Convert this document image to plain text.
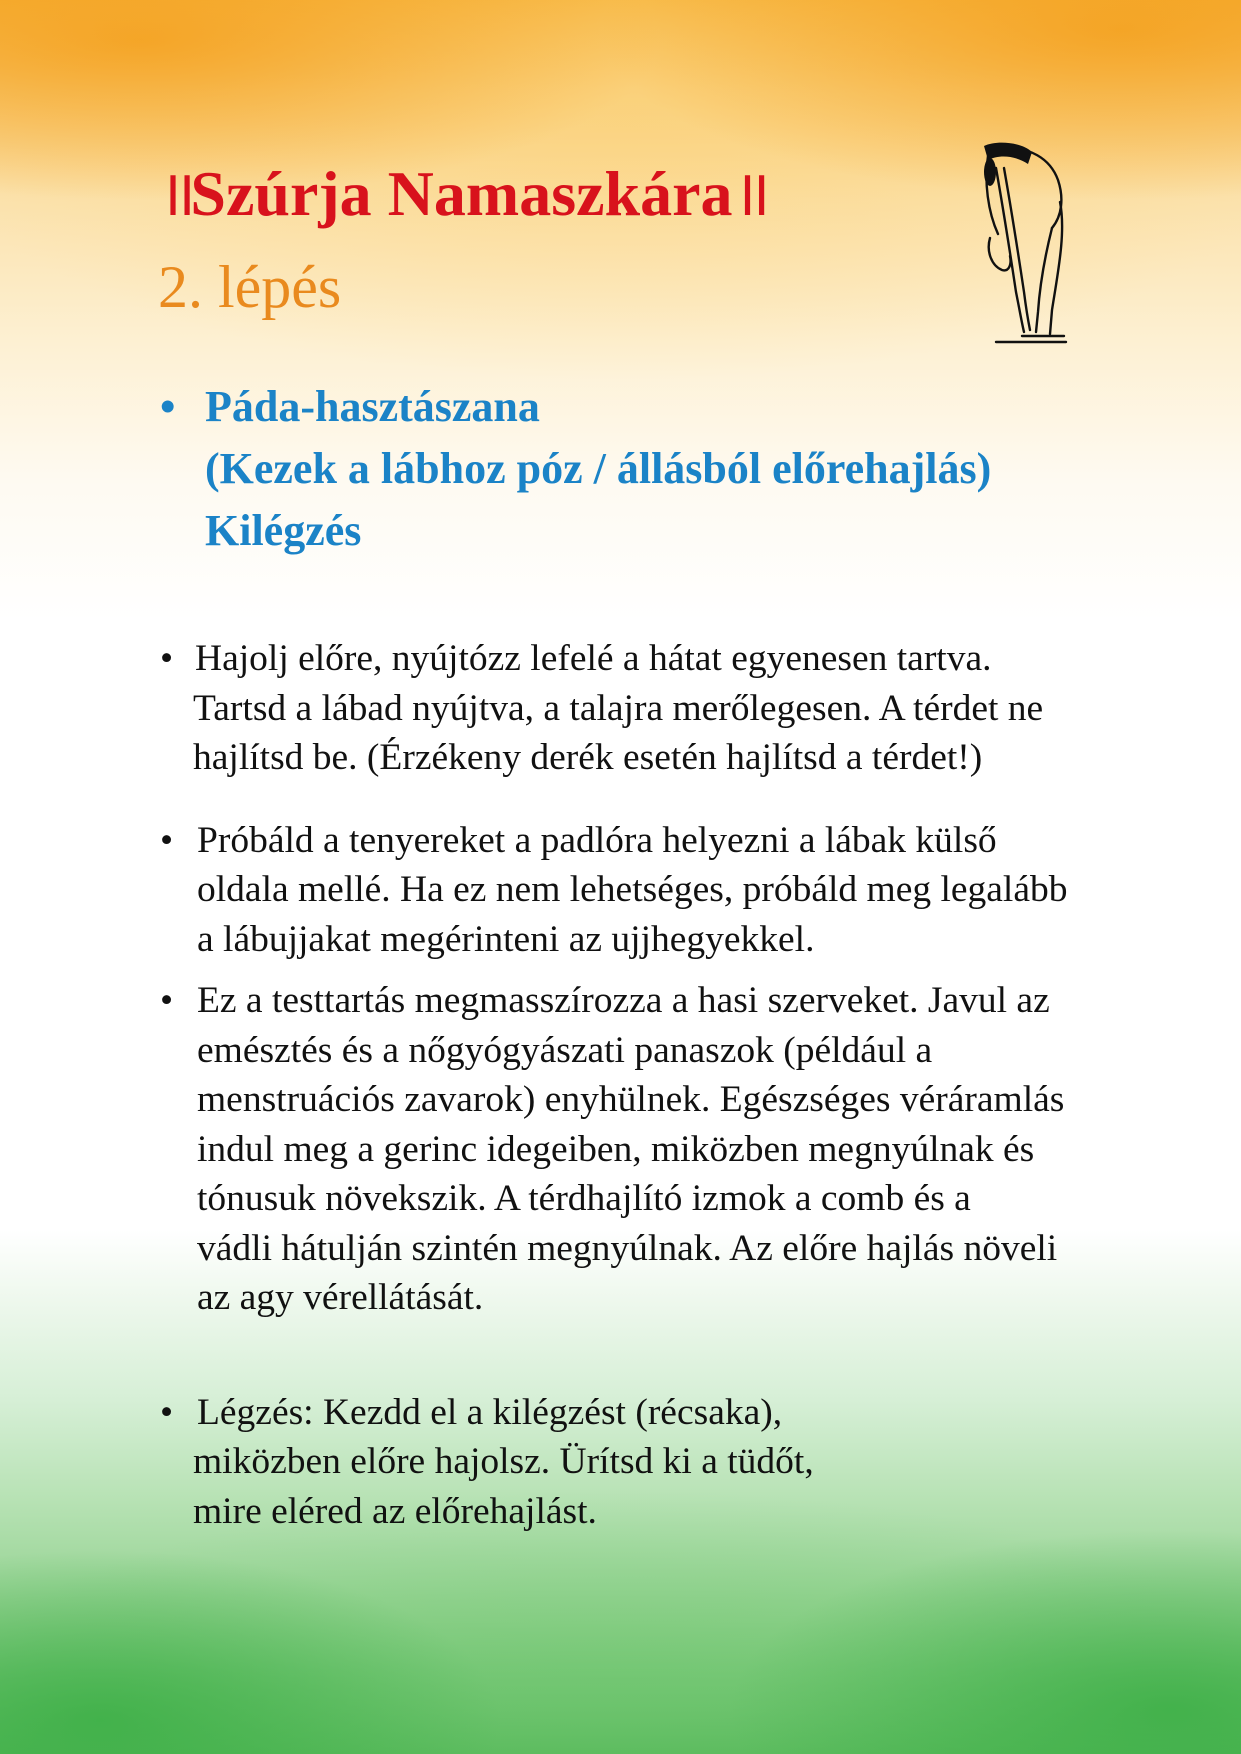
॥Szúrja Namaszkára॥
2. lépés
• Páda-hasztászana
(Kezek a lábhoz póz / állásból előrehajlás)
Kilégzés
• Hajolj előre, nyújtózz lefelé a hátat egyenesen tartva.
Tartsd a lábad nyújtva, a talajra merőlegesen. A térdet ne
hajlítsd be. (Érzékeny derék esetén hajlítsd a térdet!)
• Próbáld a tenyereket a padlóra helyezni a lábak külső
oldala mellé. Ha ez nem lehetséges, próbáld meg legalább
a lábujjakat megérinteni az ujjhegyekkel.
• Ez a testtartás megmasszírozza a hasi szerveket. Javul az
emésztés és a nőgyógyászati panaszok (például a
menstruációs zavarok) enyhülnek. Egészséges véráramlás
indul meg a gerinc idegeiben, miközben megnyúlnak és
tónusuk növekszik. A térdhajlító izmok a comb és a
vádli hátulján szintén megnyúlnak. Az előre hajlás növeli
az agy vérellátását.
• Légzés: Kezdd el a kilégzést (récsaka),
miközben előre hajolsz. Ürítsd ki a tüdőt,
mire eléred az előrehajlást.
